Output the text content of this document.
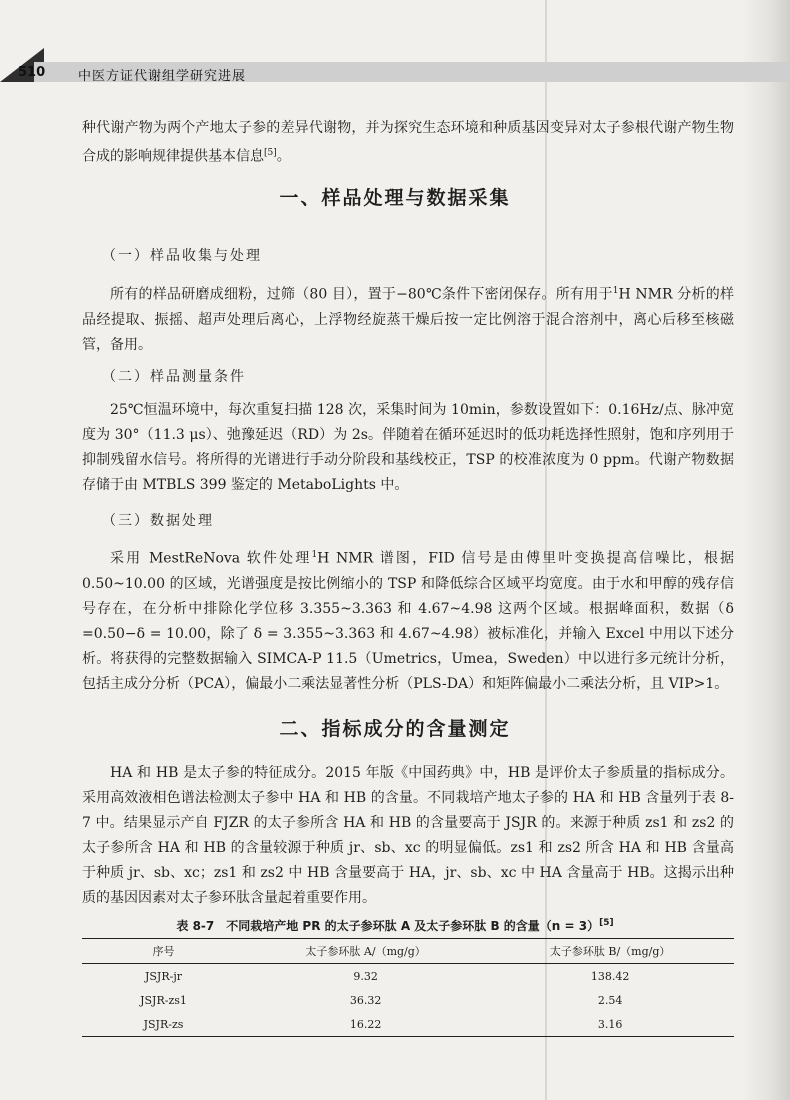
510	中医方证代谢组学研究进展

种代谢产物为两个产地太子参的差异代谢物，并为探究生态环境和种质基因变异对太子参根代谢产物生物合成的影响规律提供基本信息[5]。

一、样品处理与数据采集
（一）样品收集与处理

所有的样品研磨成细粉，过筛（80 目），置于−80℃条件下密闭保存。所有用于$^1$H NMR 分析的样品经提取、振摇、超声处理后离心，上浮物经旋蒸干燥后按一定比例溶于混合溶剂中，离心后移至核磁管，备用。

（二）样品测量条件

25℃恒温环境中，每次重复扫描 128 次，采集时间为 10min，参数设置如下：0.16Hz/点、脉冲宽度为 30°（11.3 μs）、弛豫延迟（RD）为 2s。伴随着在循环延迟时的低功耗选择性照射，饱和序列用于抑制残留水信号。将所得的光谱进行手动分阶段和基线校正，TSP 的校准浓度为 0 ppm。代谢产物数据存储于由 MTBLS 399 鉴定的 MetaboLights 中。

（三）数据处理

采用 MestReNova 软件处理$^1$H NMR 谱图，FID 信号是由傅里叶变换提高信噪比，根据 0.50~10.00 的区域，光谱强度是按比例缩小的 TSP 和降低综合区域平均宽度。由于水和甲醇的残存信号存在，在分析中排除化学位移 3.355~3.363 和 4.67~4.98 这两个区域。根据峰面积，数据（δ =0.50−δ = 10.00，除了 δ = 3.355~3.363 和 4.67~4.98）被标准化，并输入 Excel 中用以下述分析。将获得的完整数据输入 SIMCA-P 11.5（Umetrics，Umea，Sweden）中以进行多元统计分析，包括主成分分析（PCA），偏最小二乘法显著性分析（PLS-DA）和矩阵偏最小二乘法分析，且 VIP>1。

二、指标成分的含量测定

HA 和 HB 是太子参的特征成分。2015 年版《中国药典》中，HB 是评价太子参质量的指标成分。采用高效液相色谱法检测太子参中 HA 和 HB 的含量。不同栽培产地太子参的 HA 和 HB 含量列于表 8-7 中。结果显示产自 FJZR 的太子参所含 HA 和 HB 的含量要高于 JSJR 的。来源于种质 zs1 和 zs2 的太子参所含 HA 和 HB 的含量较源于种质 jr、sb、xc 的明显偏低。zs1 和 zs2 所含 HA 和 HB 含量高于种质 jr、sb、xc；zs1 和 zs2 中 HB 含量要高于 HA，jr、sb、xc 中 HA 含量高于 HB。这揭示出种质的基因因素对太子参环肽含量起着重要作用。

表 8-7　不同栽培产地 PR 的太子参环肽 A 及太子参环肽 B 的含量（n = 3）[5]
序号	太子参环肽 A/（mg/g）	太子参环肽 B/（mg/g）
JSJR-jr	9.32	138.42
JSJR-zs1	36.32	2.54
JSJR-zs	16.22	3.16
